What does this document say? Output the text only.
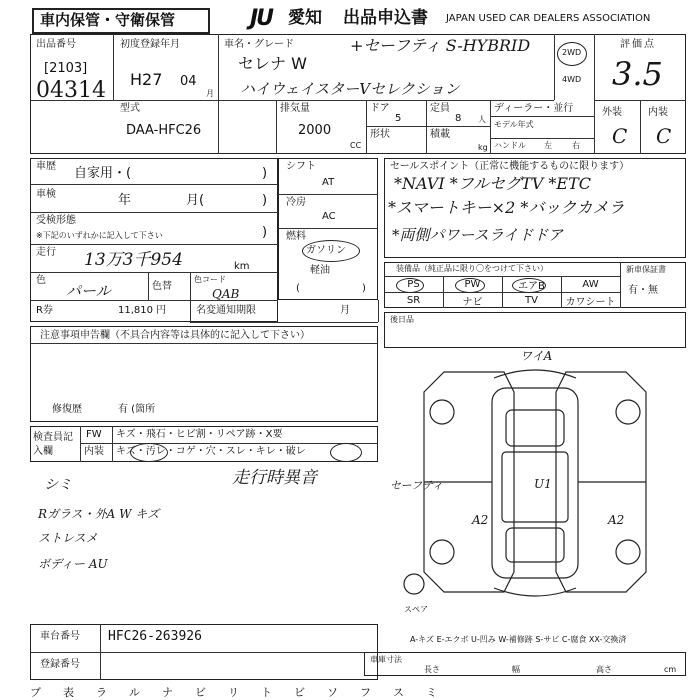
車内保管・守衛保管	JU 愛知 出品申込書 JAPAN USED CAR DEALERS ASSOCIATION
出品番号
[2103]
04314
初度登録年月
H27 04
月
車名・グレード
セレナ W
+セーフティ S-HYBRID
ハイウェイスターVセレクション
2WD
4WD
評価点
3.5
外装	内装
C C
型式
DAA-HFC26
排気量
2000
CC
ドア
5
定員
8 人
形状	積載
kg
ディーラー・並行
モデル年式
ハンドル 左	右
車歴 自家用・(	)
車検	年	月(	)
受検形態
※下記のいずれかに記入して下さい	)
走行 13万3千954	km
色
パール	色替
色コード
QAB
R券	11,810 円
シフト
AT
冷房
AC
燃料
ガソリン
軽油
(	)
名変通知期限	月
セールスポイント（正常に機能するものに限ります）
*NAVI *フルセグTV *ETC
*スマートキー×2 *バックカメラ
*両側パワースライドドア
装備品（純正品に限り〇をつけて下さい）
PS	PW	エアB	AW
SR	ナビ	TV	カワシート
新車保証書
有・無
注意事項申告欄（不具合内容等は具体的に記入して下さい）
修復歴	有 (箇所
後日品
検査員記入欄
FW キズ・飛石・ヒビ割・リペア跡・X要
内装 キズ・汚レ・コゲ・穴・スレ・キレ・破レ
シミ	走行時異音
Rガラス・外A W キズ
ストレスメ
ボディー AU
ワイA
セーフティ	U1
A2	A2
スペア
車台番号 HFC26-263926
登録番号
A-キズ E-エクボ U-凹み W-補修跡 S-サビ C-腐食 XX-交換済
車庫寸法
長さ	幅	高さ	cm
ブ 表 ラ ル ナ ビ リ ト ビ ソ フ ス ミ
